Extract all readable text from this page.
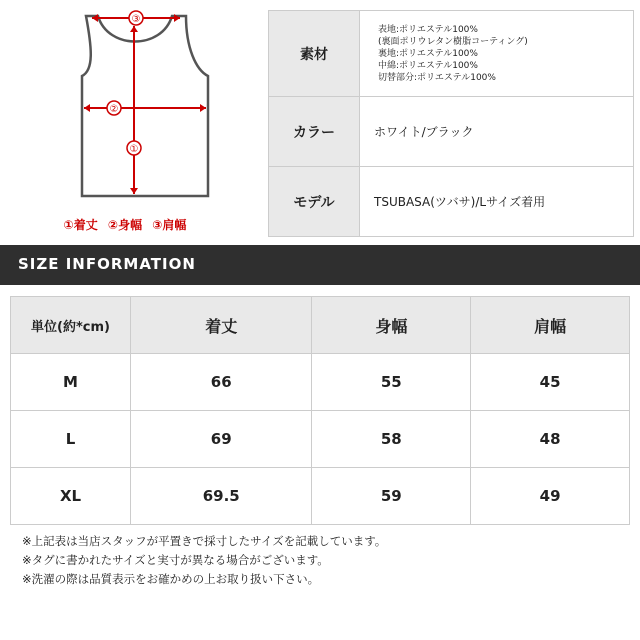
③
②
①
①着丈 ②身幅 ③肩幅
素材	表地:ポリエステル100%
(裏面ポリウレタン樹脂コーティング)
裏地:ポリエステル100%
中綿:ポリエステル100%
切替部分:ポリエステル100%

カラー	ホワイト/ブラック
モデル	TSUBASA(ツバサ)/Lサイズ着用
SIZE INFORMATION
単位(約*cm)	着丈	身幅	肩幅
M	66	55	45
L	69	58	48
XL	69.5	59	49
※上記表は当店スタッフが平置きで採寸したサイズを記載しています。
※タグに書かれたサイズと実寸が異なる場合がございます。
※洗濯の際は品質表示をお確かめの上お取り扱い下さい。
